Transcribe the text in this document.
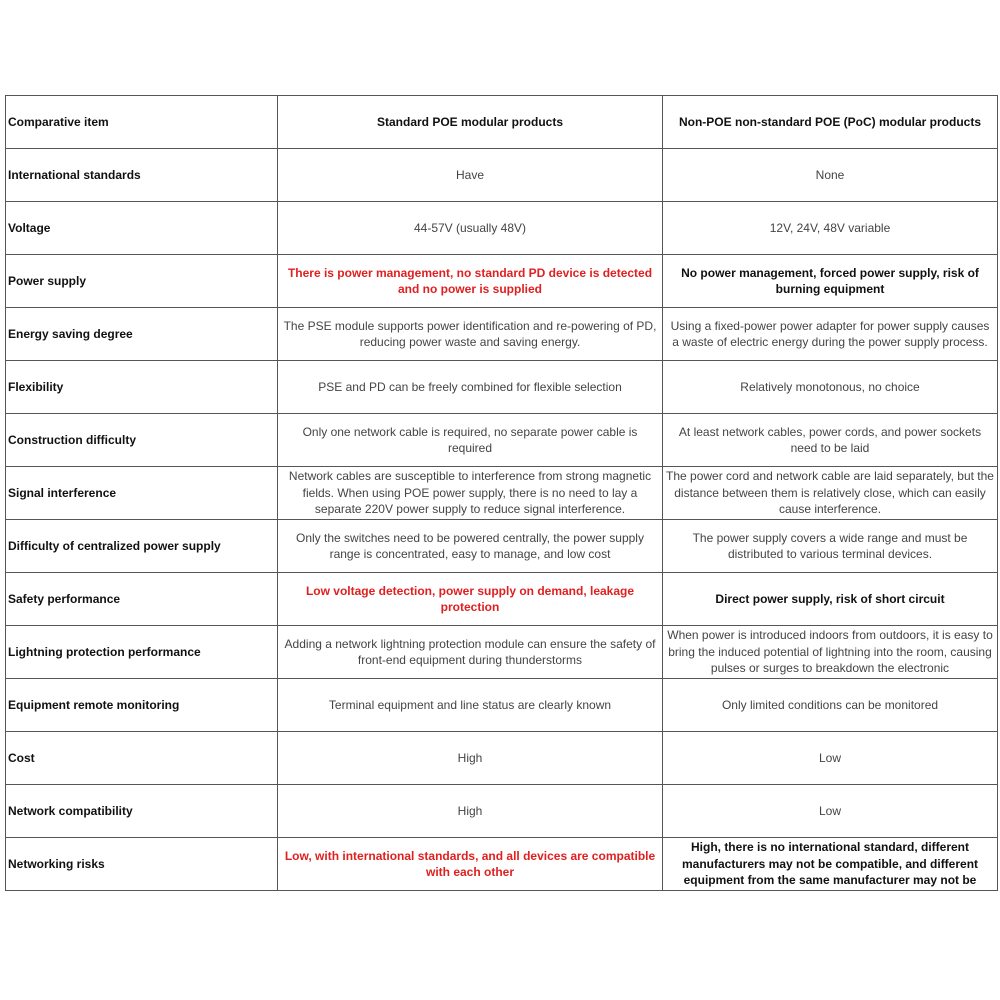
Comparative item	Standard POE modular products	Non-POE non-standard POE (PoC) modular products
International standards	Have	None
Voltage	44-57V (usually 48V)	12V, 24V, 48V variable
Power supply	There is power management, no standard PD device is detected and no power is supplied	No power management, forced power supply, risk of burning equipment
Energy saving degree	The PSE module supports power identification and re-powering of PD, reducing power waste and saving energy.	Using a fixed-power power adapter for power supply causes a waste of electric energy during the power supply process.
Flexibility	PSE and PD can be freely combined for flexible selection	Relatively monotonous, no choice
Construction difficulty	Only one network cable is required, no separate power cable is required	At least network cables, power cords, and power sockets need to be laid
Signal interference	Network cables are susceptible to interference from strong magnetic fields. When using POE power supply, there is no need to lay a separate 220V power supply to reduce signal interference.	The power cord and network cable are laid separately, but the distance between them is relatively close, which can easily cause interference.
Difficulty of centralized power supply	Only the switches need to be powered centrally, the power supply range is concentrated, easy to manage, and low cost	The power supply covers a wide range and must be distributed to various terminal devices.
Safety performance	Low voltage detection, power supply on demand, leakage protection	Direct power supply, risk of short circuit
Lightning protection performance	Adding a network lightning protection module can ensure the safety of front-end equipment during thunderstorms	When power is introduced indoors from outdoors, it is easy to bring the induced potential of lightning into the room, causing pulses or surges to breakdown the electronic

Equipment remote monitoring	Terminal equipment and line status are clearly known	Only limited conditions can be monitored
Cost	High	Low
Network compatibility	High	Low
Networking risks	Low, with international standards, and all devices are compatible with each other	High, there is no international standard, different manufacturers may not be compatible, and different equipment from the same manufacturer may not be
